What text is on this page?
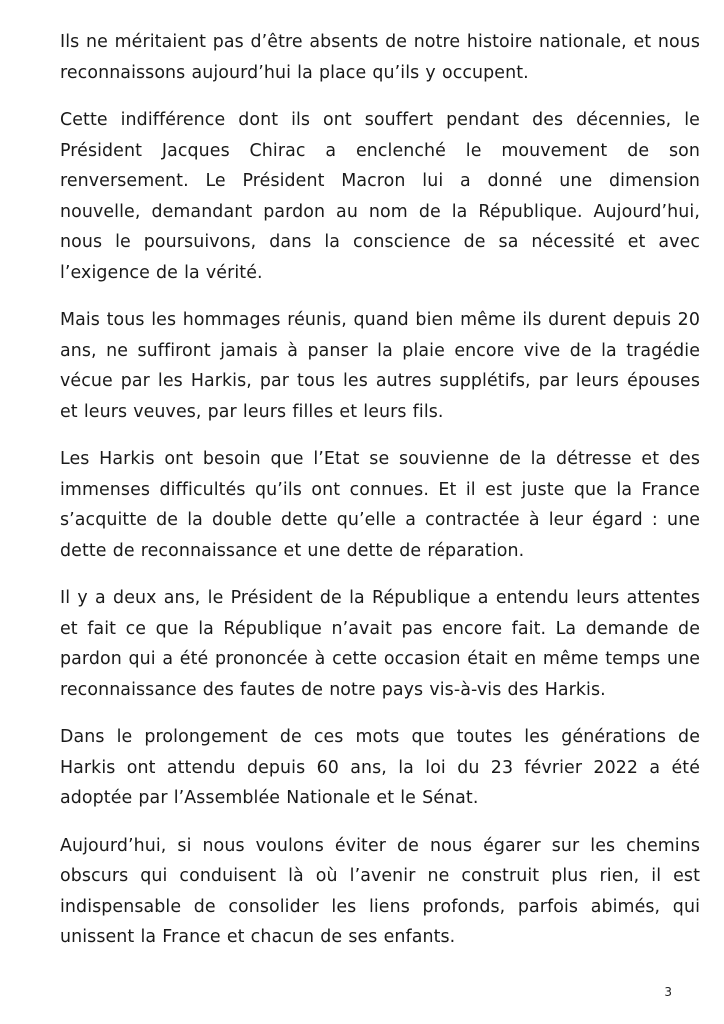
Ils ne méritaient pas d’être absents de notre histoire nationale, et nous reconnaissons aujourd’hui la place qu’ils y occupent.

Cette indifférence dont ils ont souffert pendant des décennies, le Président Jacques Chirac a enclenché le mouvement de son renversement. Le Président Macron lui a donné une dimension nouvelle, demandant pardon au nom de la République. Aujourd’hui, nous le poursuivons, dans la conscience de sa nécessité et avec l’exigence de la vérité.

Mais tous les hommages réunis, quand bien même ils durent depuis 20 ans, ne suffiront jamais à panser la plaie encore vive de la tragédie vécue par les Harkis, par tous les autres supplétifs, par leurs épouses et leurs veuves, par leurs filles et leurs fils.

Les Harkis ont besoin que l’Etat se souvienne de la détresse et des immenses difficultés qu’ils ont connues. Et il est juste que la France s’acquitte de la double dette qu’elle a contractée à leur égard : une dette de reconnaissance et une dette de réparation.

Il y a deux ans, le Président de la République a entendu leurs attentes et fait ce que la République n’avait pas encore fait. La demande de pardon qui a été prononcée à cette occasion était en même temps une reconnaissance des fautes de notre pays vis-à-vis des Harkis.

Dans le prolongement de ces mots que toutes les générations de Harkis ont attendu depuis 60 ans, la loi du 23 février 2022 a été adoptée par l’Assemblée Nationale et le Sénat.

Aujourd’hui, si nous voulons éviter de nous égarer sur les chemins obscurs qui conduisent là où l’avenir ne construit plus rien, il est indispensable de consolider les liens profonds, parfois abimés, qui unissent la France et chacun de ses enfants.

3
